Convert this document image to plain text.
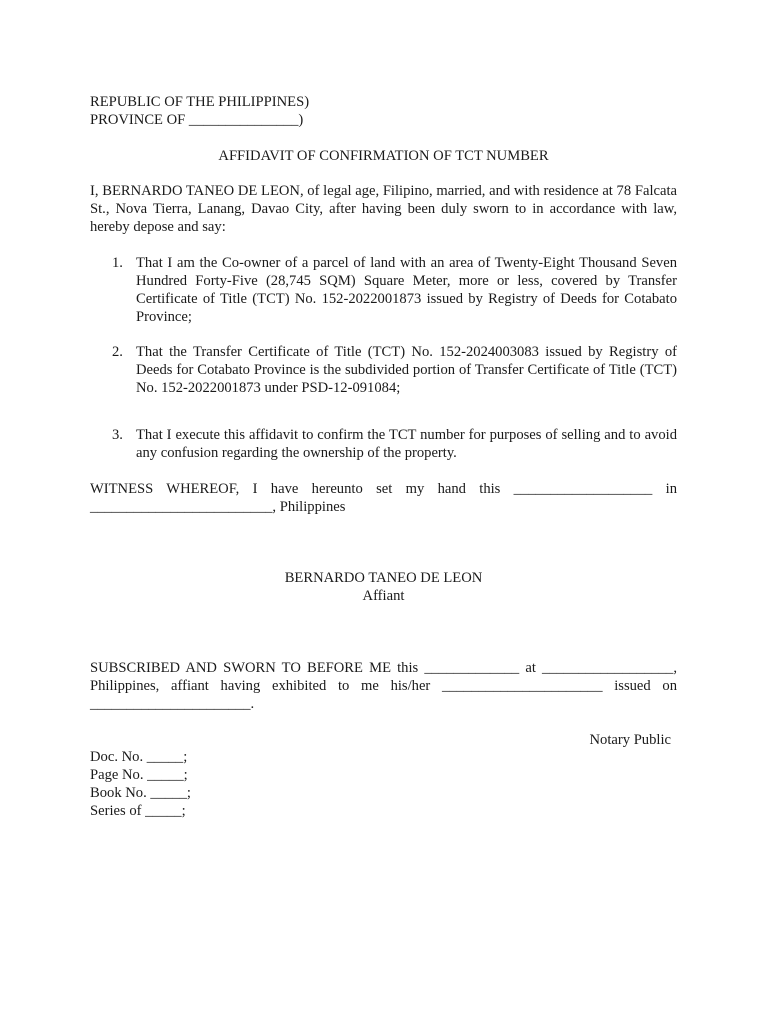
REPUBLIC OF THE PHILIPPINES)
PROVINCE OF _______________)
AFFIDAVIT OF CONFIRMATION OF TCT NUMBER
I, BERNARDO TANEO DE LEON, of legal age, Filipino, married, and with residence at 78 Falcata St., Nova Tierra, Lanang, Davao City, after having been duly sworn to in accordance with law, hereby depose and say:
1. That I am the Co-owner of a parcel of land with an area of Twenty-Eight Thousand Seven Hundred Forty-Five (28,745 SQM) Square Meter, more or less, covered by Transfer Certificate of Title (TCT) No. 152-2022001873 issued by Registry of Deeds for Cotabato Province;
2. That the Transfer Certificate of Title (TCT) No. 152-2024003083 issued by Registry of Deeds for Cotabato Province is the subdivided portion of Transfer Certificate of Title (TCT) No. 152-2022001873 under PSD-12-091084;
3. That I execute this affidavit to confirm the TCT number for purposes of selling and to avoid any confusion regarding the ownership of the property.
WITNESS WHEREOF, I have hereunto set my hand this ___________________ in
_________________________, Philippines
BERNARDO TANEO DE LEON
Affiant
SUBSCRIBED AND SWORN TO BEFORE ME this _____________ at __________________,
Philippines, affiant having exhibited to me his/her ______________________ issued on
______________________.
Notary Public
Doc. No. _____;
Page No. _____;
Book No. _____;
Series of _____;
